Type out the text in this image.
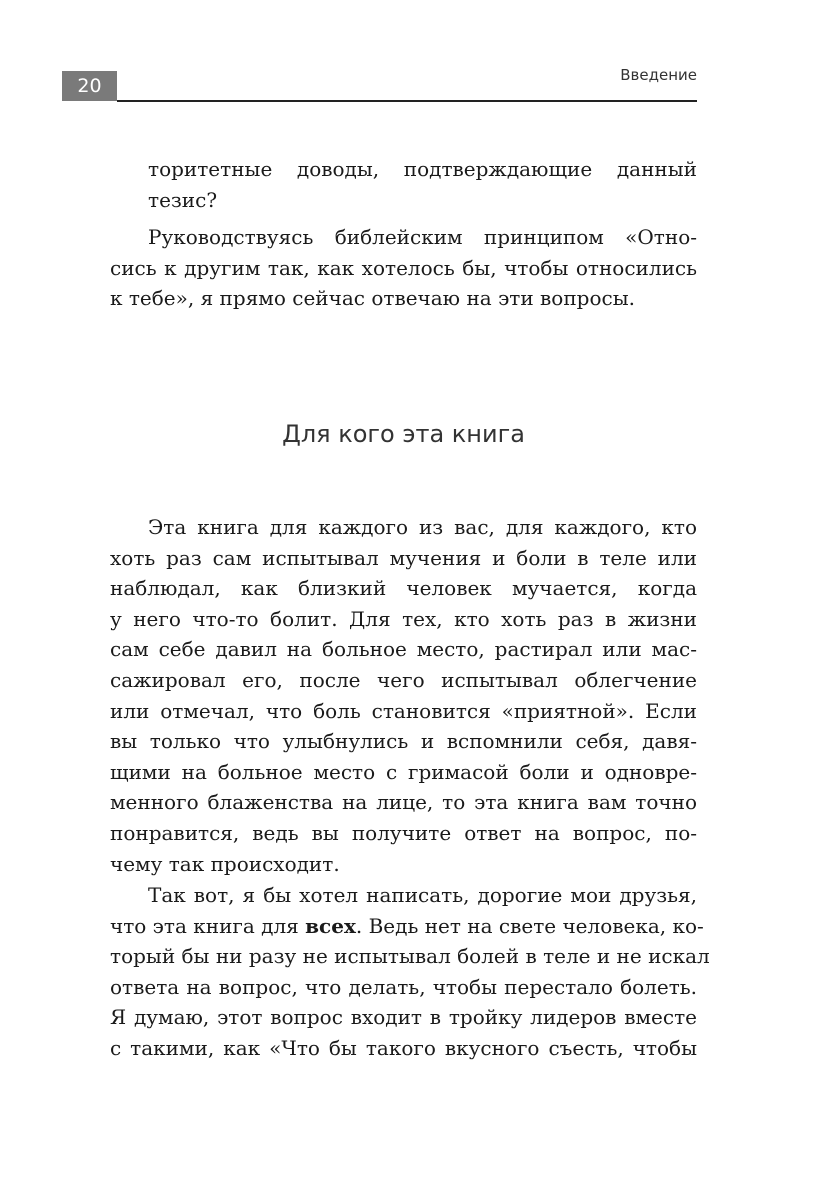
20	Введение
торитетные доводы, подтверждающие данный
тезис?
Руководствуясь библейским принципом «Отно-
сись к другим так, как хотелось бы, чтобы относились
к тебе», я прямо сейчас отвечаю на эти вопросы.
Для кого эта книга
Эта книга для каждого из вас, для каждого, кто
хоть раз сам испытывал мучения и боли в теле или
наблюдал, как близкий человек мучается, когда
у него что-то болит. Для тех, кто хоть раз в жизни
сам себе давил на больное место, растирал или мас-
сажировал его, после чего испытывал облегчение
или отмечал, что боль становится «приятной». Если
вы только что улыбнулись и вспомнили себя, давя-
щими на больное место с гримасой боли и одновре-
менного блаженства на лице, то эта книга вам точно
понравится, ведь вы получите ответ на вопрос, по-
чему так происходит.
Так вот, я бы хотел написать, дорогие мои друзья,
что эта книга для всех. Ведь нет на свете человека, ко-
торый бы ни разу не испытывал болей в теле и не искал
ответа на вопрос, что делать, чтобы перестало болеть.
Я думаю, этот вопрос входит в тройку лидеров вместе
с такими, как «Что бы такого вкусного съесть, чтобы
